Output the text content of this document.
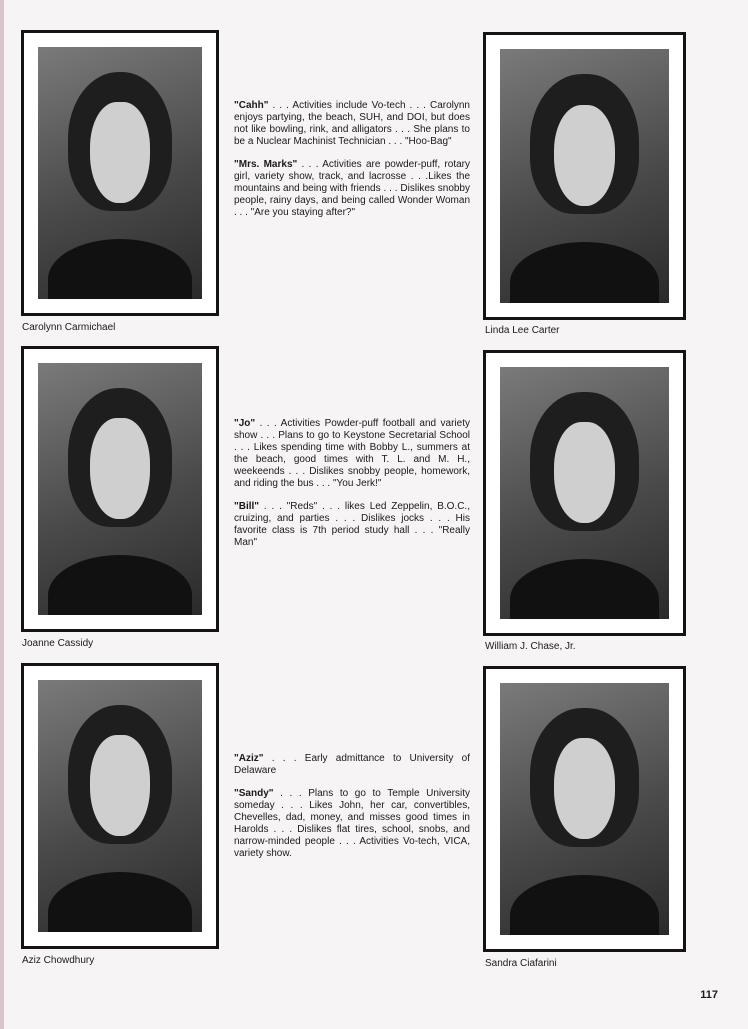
Carolynn Carmichael	Linda Lee Carter

"Cahh" . . . Activities include Vo-tech . . . Carolynn enjoys partying, the beach, SUH, and DOI, but does not like bowling, rink, and alligators . . . She plans to be a Nuclear Machinist Technician . . . "Hoo-Bag"

"Mrs. Marks" . . . Activities are powder-puff, rotary girl, variety show, track, and lacrosse . . .Likes the mountains and being with friends . . . Dislikes snobby people, rainy days, and being called Wonder Woman . . . "Are you staying after?"

Joanne Cassidy	William J. Chase, Jr.

"Jo" . . . Activities Powder-puff football and variety show . . . Plans to go to Keystone Secretarial School . . . Likes spending time with Bobby L., summers at the beach, good times with T. L. and M. H., weekeends . . . Dislikes snobby people, homework, and riding the bus . . . "You Jerk!"

"Bill" . . . "Reds" . . . likes Led Zeppelin, B.O.C., cruizing, and parties . . . Dislikes jocks . . . His favorite class is 7th period study hall . . . "Really Man"

Aziz Chowdhury	Sandra Ciafarini

"Aziz" . . . Early admittance to University of Delaware

"Sandy" . . . Plans to go to Temple University someday . . . Likes John, her car, convertibles, Chevelles, dad, money, and misses good times in Harolds . . . Dislikes flat tires, school, snobs, and narrow-minded people . . . Activities Vo-tech, VICA, variety show.

117
